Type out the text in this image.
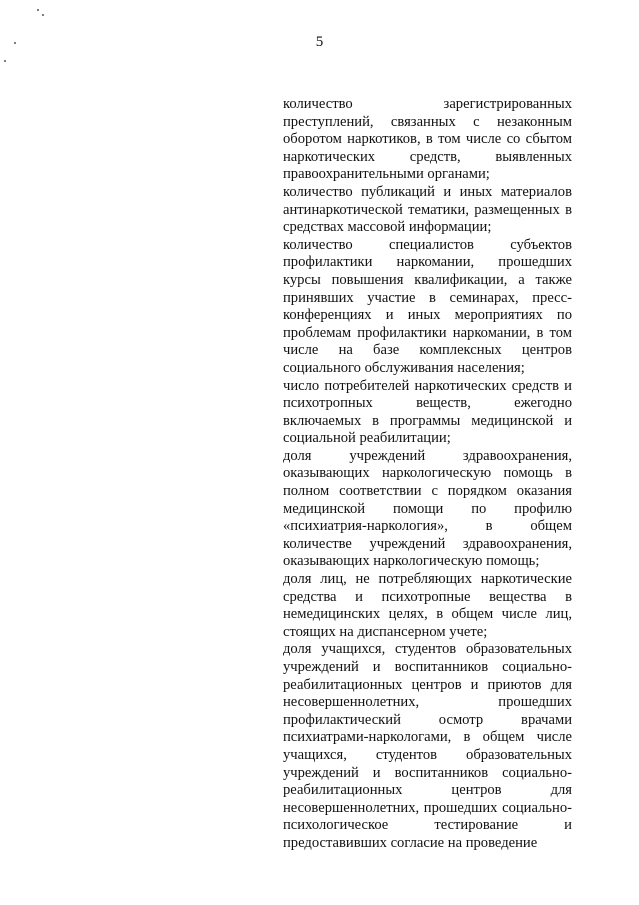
5

количество зарегистрированных преступлений, связанных с незаконным оборотом наркотиков, в том числе со сбытом наркотических средств, выявленных правоохранительными органами;

количество публикаций и иных материалов антинаркотической тематики, размещенных в средствах массовой информации;

количество специалистов субъектов профилактики наркомании, прошедших курсы повышения квалификации, а также принявших участие в семинарах, пресс-конференциях и иных мероприятиях по проблемам профилактики наркомании, в том числе на базе комплексных центров социального обслуживания населения;

число потребителей наркотических средств и психотропных веществ, ежегодно включаемых в программы медицинской и социальной реабилитации;

доля учреждений здравоохранения, оказывающих наркологическую помощь в полном соответствии с порядком оказания медицинской помощи по профилю «психиатрия-наркология», в общем количестве учреждений здравоохранения, оказывающих наркологическую помощь;

доля лиц, не потребляющих наркотические средства и психотропные вещества в немедицинских целях, в общем числе лиц, стоящих на диспансерном учете;

доля учащихся, студентов образовательных учреждений и воспитанников социально-реабилитационных центров и приютов для несовершеннолетних, прошедших профилактический осмотр врачами психиатрами-наркологами, в общем числе учащихся, студентов образовательных учреждений и воспитанников социально-реабилитационных центров для несовершеннолетних, прошедших социально-психологическое тестирование и предоставивших согласие на проведение
